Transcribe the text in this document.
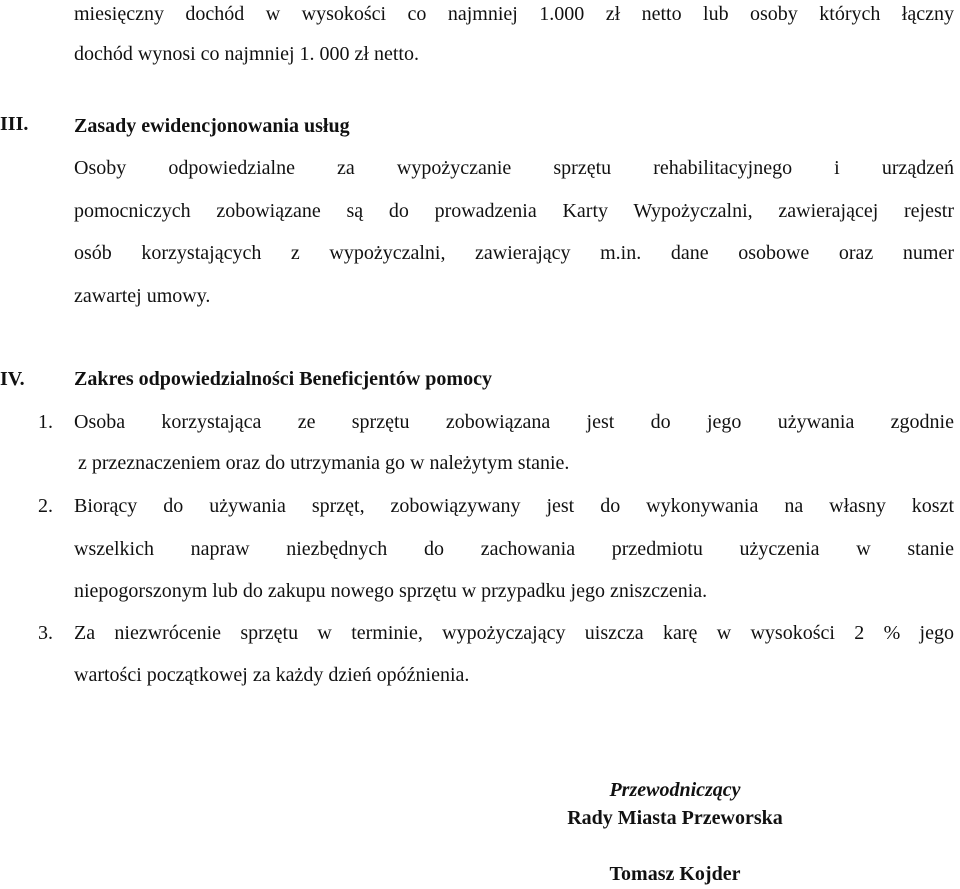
miesięczny dochód w wysokości co najmniej 1.000 zł netto lub osoby których łączny
dochód wynosi co najmniej 1. 000 zł netto.
III. Zasady ewidencjonowania usług
Osoby odpowiedzialne za wypożyczanie sprzętu rehabilitacyjnego i urządzeń
pomocniczych zobowiązane są do prowadzenia Karty Wypożyczalni, zawierającej rejestr
osób korzystających z wypożyczalni, zawierający m.in. dane osobowe oraz numer
zawartej umowy.
IV. Zakres odpowiedzialności Beneficjentów pomocy
1. Osoba korzystająca ze sprzętu zobowiązana jest do jego używania zgodnie
z przeznaczeniem oraz do utrzymania go w należytym stanie.
2. Biorący do używania sprzęt, zobowiązywany jest do wykonywania na własny koszt
wszelkich napraw niezbędnych do zachowania przedmiotu użyczenia w stanie
niepogorszonym lub do zakupu nowego sprzętu w przypadku jego zniszczenia.
3. Za niezwrócenie sprzętu w terminie, wypożyczający uiszcza karę w wysokości 2 % jego
wartości początkowej za każdy dzień opóźnienia.
Przewodniczący
Rady Miasta Przeworska
Tomasz Kojder
